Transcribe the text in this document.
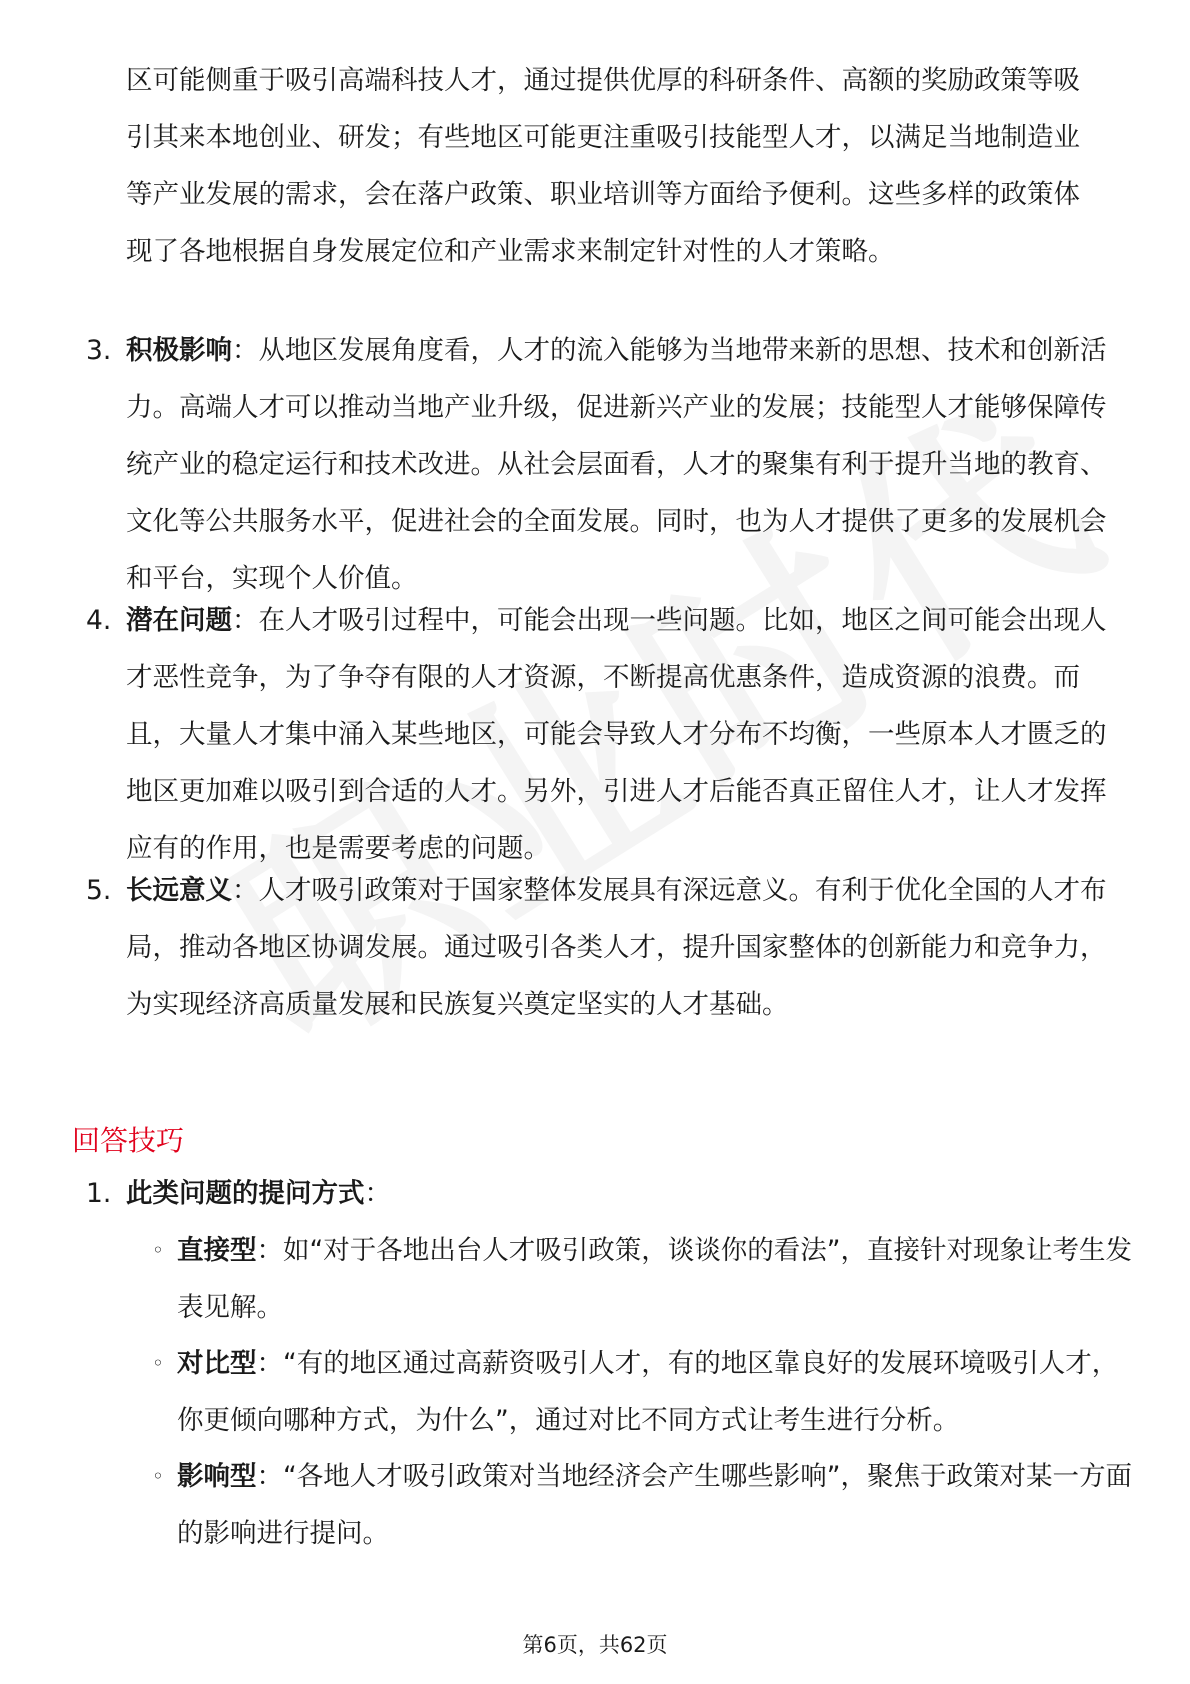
区可能侧重于吸引高端科技人才，通过提供优厚的科研条件、高额的奖励政策等吸引其来本地创业、研发；有些地区可能更注重吸引技能型人才，以满足当地制造业等产业发展的需求，会在落户政策、职业培训等方面给予便利。这些多样的政策体现了各地根据自身发展定位和产业需求来制定针对性的人才策略。

3. 积极影响：从地区发展角度看，人才的流入能够为当地带来新的思想、技术和创新活力。高端人才可以推动当地产业升级，促进新兴产业的发展；技能型人才能够保障传统产业的稳定运行和技术改进。从社会层面看，人才的聚集有利于提升当地的教育、文化等公共服务水平，促进社会的全面发展。同时，也为人才提供了更多的发展机会和平台，实现个人价值。

4. 潜在问题：在人才吸引过程中，可能会出现一些问题。比如，地区之间可能会出现人才恶性竞争，为了争夺有限的人才资源，不断提高优惠条件，造成资源的浪费。而且，大量人才集中涌入某些地区，可能会导致人才分布不均衡，一些原本人才匮乏的地区更加难以吸引到合适的人才。另外，引进人才后能否真正留住人才，让人才发挥应有的作用，也是需要考虑的问题。

5. 长远意义：人才吸引政策对于国家整体发展具有深远意义。有利于优化全国的人才布局，推动各地区协调发展。通过吸引各类人才，提升国家整体的创新能力和竞争力，为实现经济高质量发展和民族复兴奠定坚实的人才基础。

回答技巧
1. 此类问题的提问方式：

◦ 直接型：如“对于各地出台人才吸引政策，谈谈你的看法”，直接针对现象让考生发表见解。

◦ 对比型：“有的地区通过高薪资吸引人才，有的地区靠良好的发展环境吸引人才，你更倾向哪种方式，为什么”，通过对比不同方式让考生进行分析。

◦ 影响型：“各地人才吸引政策对当地经济会产生哪些影响”，聚焦于政策对某一方面的影响进行提问。

第6页，共62页
